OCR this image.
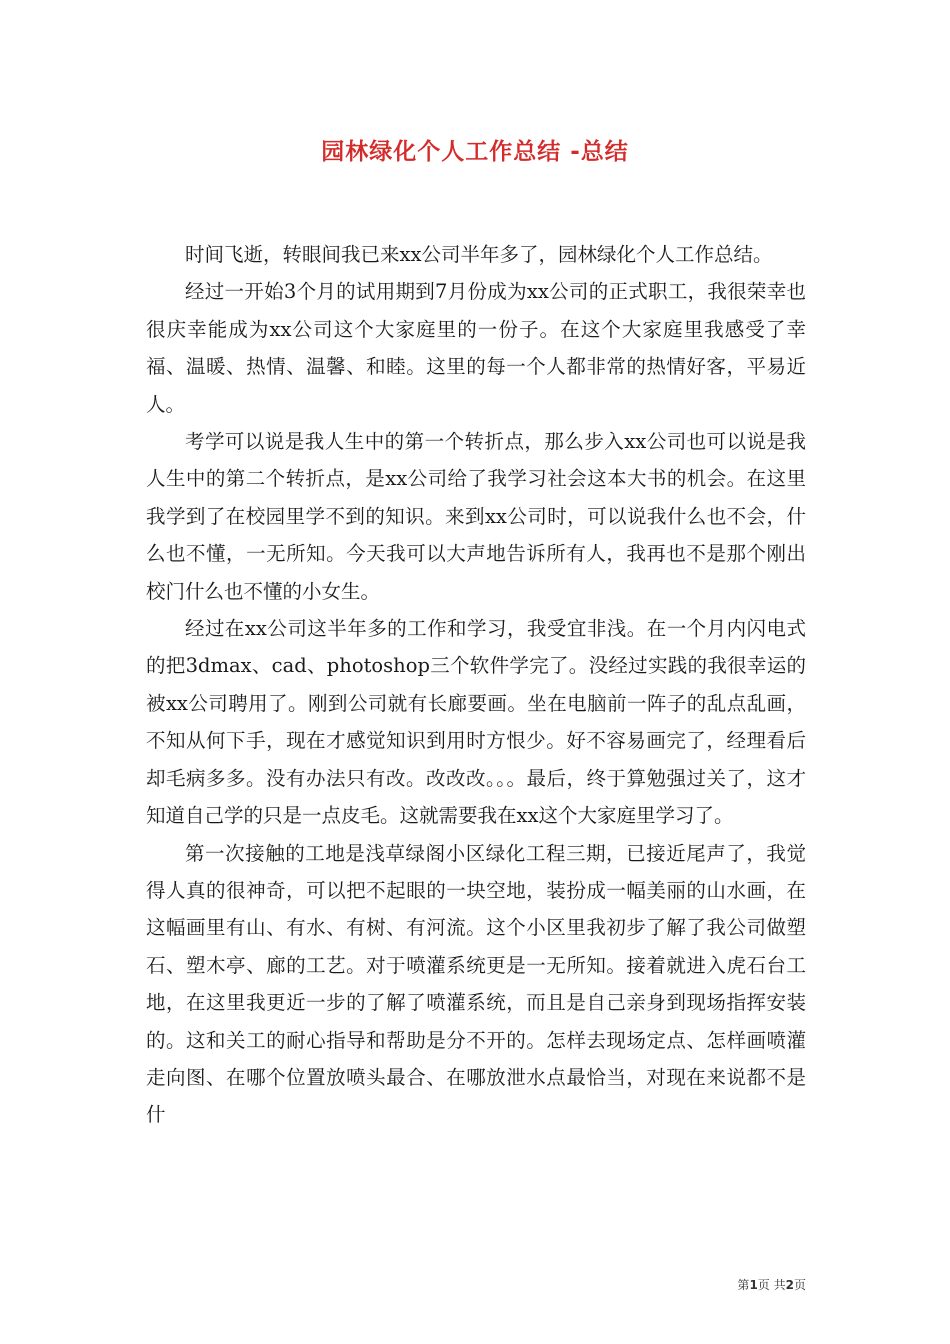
园林绿化个人工作总结 -总结

时间飞逝，转眼间我已来xx公司半年多了，园林绿化个人工作总结。

经过一开始3个月的试用期到7月份成为xx公司的正式职工，我很荣幸也很庆幸能成为xx公司这个大家庭里的一份子。在这个大家庭里我感受了幸福、温暖、热情、温馨、和睦。这里的每一个人都非常的热情好客，平易近人。

考学可以说是我人生中的第一个转折点，那么步入xx公司也可以说是我人生中的第二个转折点，是xx公司给了我学习社会这本大书的机会。在这里我学到了在校园里学不到的知识。来到xx公司时，可以说我什么也不会，什么也不懂，一无所知。今天我可以大声地告诉所有人，我再也不是那个刚出校门什么也不懂的小女生。

经过在xx公司这半年多的工作和学习，我受宜非浅。在一个月内闪电式的把3dmax、cad、photoshop三个软件学完了。没经过实践的我很幸运的被xx公司聘用了。刚到公司就有长廊要画。坐在电脑前一阵子的乱点乱画，不知从何下手，现在才感觉知识到用时方恨少。好不容易画完了，经理看后却毛病多多。没有办法只有改。改改改。。。最后，终于算勉强过关了，这才知道自己学的只是一点皮毛。这就需要我在xx这个大家庭里学习了。

第一次接触的工地是浅草绿阁小区绿化工程三期，已接近尾声了，我觉得人真的很神奇，可以把不起眼的一块空地，装扮成一幅美丽的山水画，在这幅画里有山、有水、有树、有河流。这个小区里我初步了解了我公司做塑石、塑木亭、廊的工艺。对于喷灌系统更是一无所知。接着就进入虎石台工地，在这里我更近一步的了解了喷灌系统，而且是自己亲身到现场指挥安装的。这和关工的耐心指导和帮助是分不开的。怎样去现场定点、怎样画喷灌走向图、在哪个位置放喷头最合、在哪放泄水点最恰当，对现在来说都不是什

第1页 共2页
